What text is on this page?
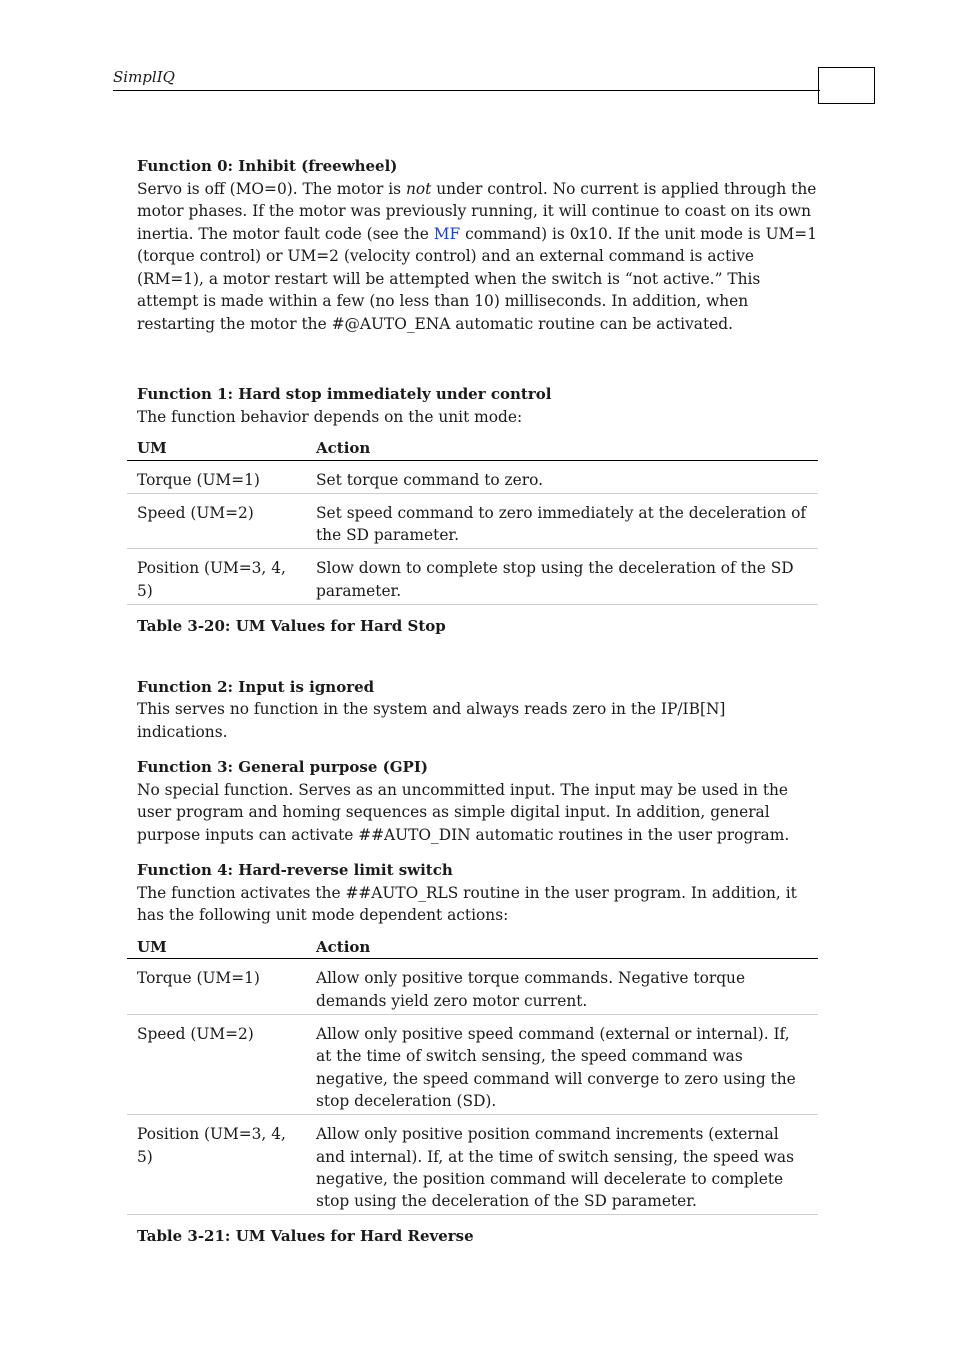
SimplIQ

Function 0: Inhibit (freewheel)

Servo is off (MO=0). The motor is not under control. No current is applied through the motor phases. If the motor was previously running, it will continue to coast on its own inertia. The motor fault code (see the MF command) is 0x10. If the unit mode is UM=1 (torque control) or UM=2 (velocity control) and an external command is active (RM=1), a motor restart will be attempted when the switch is “not active.” This attempt is made within a few (no less than 10) milliseconds. In addition, when restarting the motor the #@AUTO_ENA automatic routine can be activated.

Function 1: Hard stop immediately under control

The function behavior depends on the unit mode:

UM	Action
Torque (UM=1)	Set torque command to zero.
Speed (UM=2)	Set speed command to zero immediately at the deceleration of the SD parameter.
Position (UM=3, 4, 5)	Slow down to complete stop using the deceleration of the SD parameter.

Table 3-20: UM Values for Hard Stop

Function 2: Input is ignored

This serves no function in the system and always reads zero in the IP/IB[N] indications.

Function 3: General purpose (GPI)

No special function. Serves as an uncommitted input. The input may be used in the user program and homing sequences as simple digital input. In addition, general purpose inputs can activate ##AUTO_DIN automatic routines in the user program.

Function 4: Hard-reverse limit switch

The function activates the ##AUTO_RLS routine in the user program. In addition, it has the following unit mode dependent actions:

UM	Action
Torque (UM=1)	Allow only positive torque commands. Negative torque demands yield zero motor current.
Speed (UM=2)	Allow only positive speed command (external or internal). If, at the time of switch sensing, the speed command was negative, the speed command will converge to zero using the stop deceleration (SD).
Position (UM=3, 4, 5)	Allow only positive position command increments (external and internal). If, at the time of switch sensing, the speed was negative, the position command will decelerate to complete stop using the deceleration of the SD parameter.

Table 3-21: UM Values for Hard Reverse
